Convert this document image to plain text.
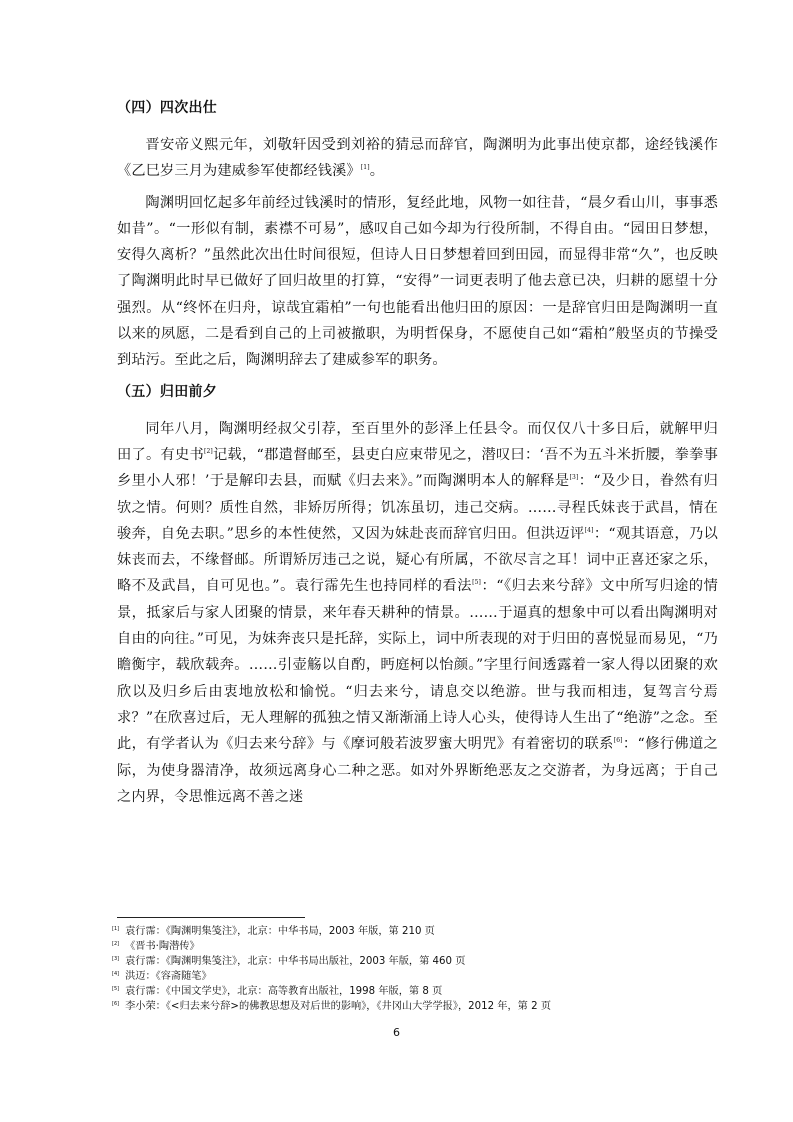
（四）四次出仕

晋安帝义熙元年，刘敬轩因受到刘裕的猜忌而辞官，陶渊明为此事出使京都，途经钱溪作《乙巳岁三月为建威参军使都经钱溪》[1]。

陶渊明回忆起多年前经过钱溪时的情形，复经此地，风物一如往昔，“晨夕看山川，事事悉如昔”。“一形似有制，素襟不可易”，感叹自己如今却为行役所制，不得自由。“园田日梦想，安得久离析？”虽然此次出仕时间很短，但诗人日日梦想着回到田园，而显得非常“久”，也反映了陶渊明此时早已做好了回归故里的打算，“安得”一词更表明了他去意已决，归耕的愿望十分强烈。从“终怀在归舟，谅哉宜霜柏”一句也能看出他归田的原因：一是辞官归田是陶渊明一直以来的夙愿，二是看到自己的上司被撤职，为明哲保身，不愿使自己如“霜柏”般坚贞的节操受到玷污。至此之后，陶渊明辞去了建威参军的职务。

（五）归田前夕

同年八月，陶渊明经叔父引荐，至百里外的彭泽上任县令。而仅仅八十多日后，就解甲归田了。有史书[2]记载，“郡遣督邮至，县吏白应束带见之，潜叹曰：‘吾不为五斗米折腰，拳拳事乡里小人邪！’于是解印去县，而赋《归去来》。”而陶渊明本人的解释是[3]：“及少日，眷然有归欤之情。何则？质性自然，非矫厉所得；饥冻虽切，违己交病。……寻程氏妹丧于武昌，情在骏奔，自免去职。”思乡的本性使然，又因为妹赴丧而辞官归田。但洪迈评[4]：“观其语意，乃以妹丧而去，不缘督邮。所谓矫厉违己之说，疑心有所属，不欲尽言之耳！词中正喜还家之乐，略不及武昌，自可见也。”。袁行霈先生也持同样的看法[5]：“《归去来兮辞》文中所写归途的情景，抵家后与家人团聚的情景，来年春天耕种的情景。……于逼真的想象中可以看出陶渊明对自由的向往。”可见，为妹奔丧只是托辞，实际上，词中所表现的对于归田的喜悦显而易见，“乃瞻衡宇，载欣载奔。……引壶觞以自酌，眄庭柯以怡颜。”字里行间透露着一家人得以团聚的欢欣以及归乡后由衷地放松和愉悦。“归去来兮，请息交以绝游。世与我而相违，复驾言兮焉求？”在欣喜过后，无人理解的孤独之情又渐渐涌上诗人心头，使得诗人生出了“绝游”之念。至此，有学者认为《归去来兮辞》与《摩诃般若波罗蜜大明咒》有着密切的联系[6]：“修行佛道之际，为使身器清净，故须远离身心二种之恶。如对外界断绝恶友之交游者，为身远离；于自己之内界，令思惟远离不善之迷

[1] 袁行霈：《陶渊明集笺注》，北京：中华书局，2003 年版，第 210 页
[2] 《晋书·陶潜传》
[3] 袁行霈：《陶渊明集笺注》，北京：中华书局出版社，2003 年版，第 460 页
[4] 洪迈：《容斋随笔》
[5] 袁行霈：《中国文学史》，北京：高等教育出版社，1998 年版，第 8 页
[6] 李小荣：《<归去来兮辞>的佛教思想及对后世的影响》，《井冈山大学学报》，2012 年，第 2 页
6
